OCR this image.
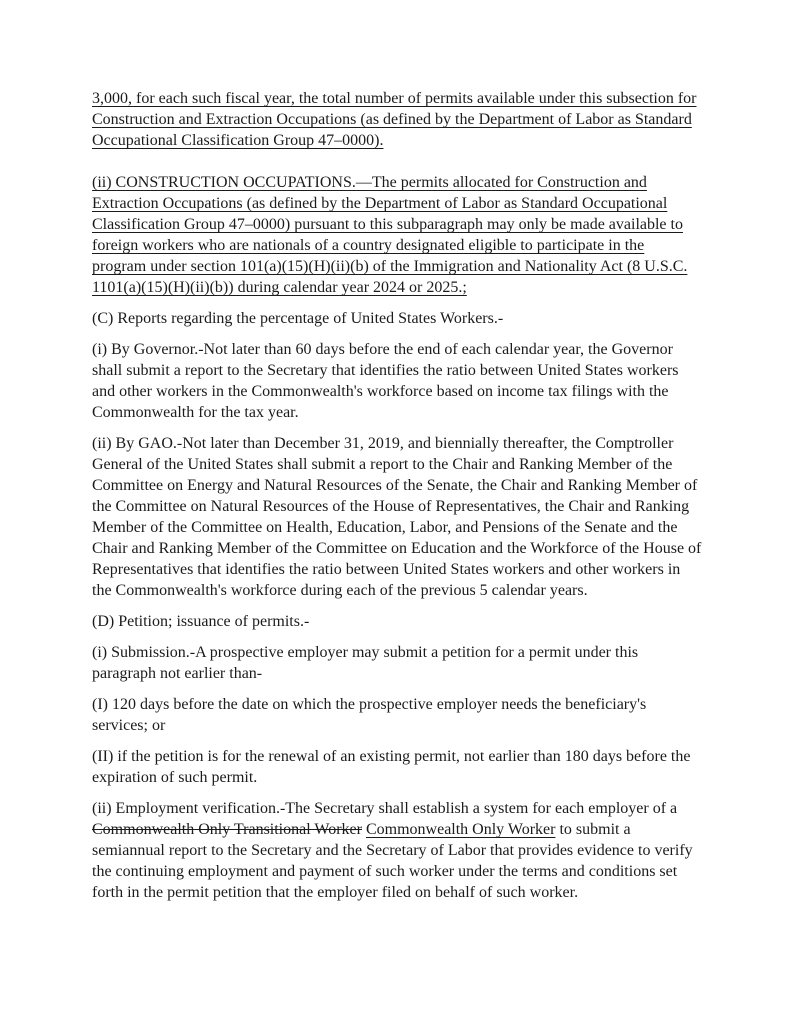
3,000, for each such fiscal year, the total number of permits available under this subsection for Construction and Extraction Occupations (as defined by the Department of Labor as Standard Occupational Classification Group 47–0000).

(ii) CONSTRUCTION OCCUPATIONS.—The permits allocated for Construction and Extraction Occupations (as defined by the Department of Labor as Standard Occupational Classification Group 47–0000) pursuant to this subparagraph may only be made available to foreign workers who are nationals of a country designated eligible to participate in the program under section 101(a)(15)(H)(ii)(b) of the Immigration and Nationality Act (8 U.S.C. 1101(a)(15)(H)(ii)(b)) during calendar year 2024 or 2025.;

(C) Reports regarding the percentage of United States Workers.-

(i) By Governor.-Not later than 60 days before the end of each calendar year, the Governor shall submit a report to the Secretary that identifies the ratio between United States workers and other workers in the Commonwealth's workforce based on income tax filings with the Commonwealth for the tax year.

(ii) By GAO.-Not later than December 31, 2019, and biennially thereafter, the Comptroller General of the United States shall submit a report to the Chair and Ranking Member of the Committee on Energy and Natural Resources of the Senate, the Chair and Ranking Member of the Committee on Natural Resources of the House of Representatives, the Chair and Ranking Member of the Committee on Health, Education, Labor, and Pensions of the Senate and the Chair and Ranking Member of the Committee on Education and the Workforce of the House of Representatives that identifies the ratio between United States workers and other workers in the Commonwealth's workforce during each of the previous 5 calendar years.

(D) Petition; issuance of permits.-

(i) Submission.-A prospective employer may submit a petition for a permit under this paragraph not earlier than-

(I) 120 days before the date on which the prospective employer needs the beneficiary's services; or

(II) if the petition is for the renewal of an existing permit, not earlier than 180 days before the expiration of such permit.

(ii) Employment verification.-The Secretary shall establish a system for each employer of a Commonwealth Only Transitional Worker Commonwealth Only Worker to submit a semiannual report to the Secretary and the Secretary of Labor that provides evidence to verify the continuing employment and payment of such worker under the terms and conditions set forth in the permit petition that the employer filed on behalf of such worker.
